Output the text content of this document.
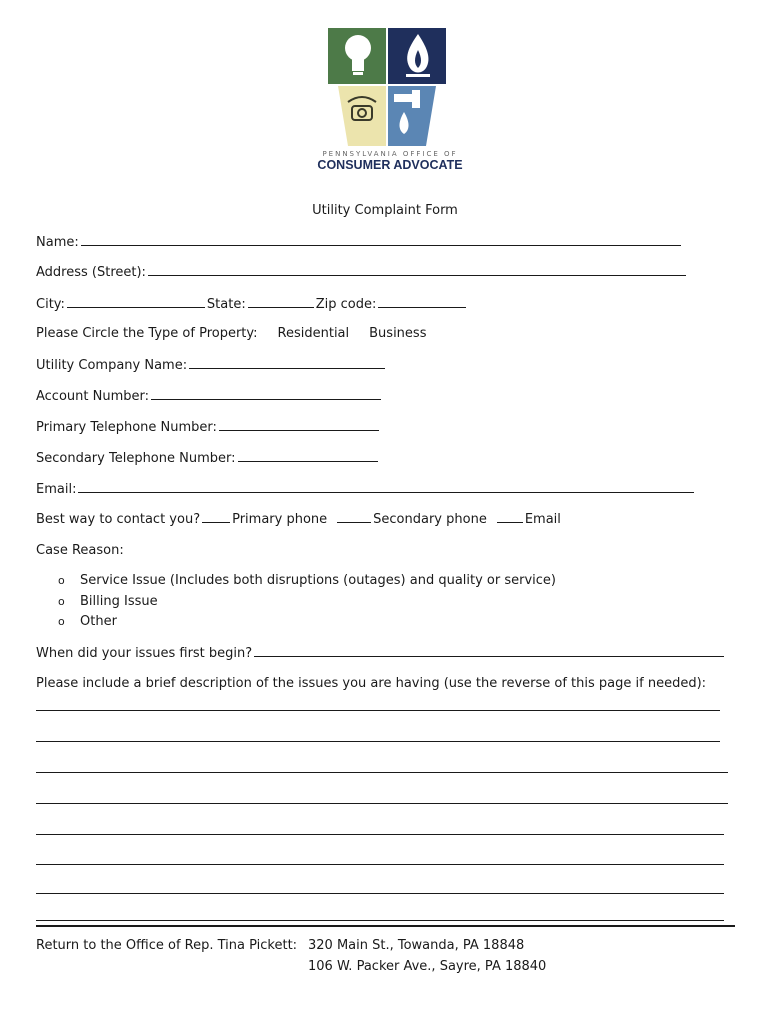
PENNSYLVANIA OFFICE OF
CONSUMER ADVOCATE
Utility Complaint Form
Name:
Address (Street):
City:	State:	Zip code:
Please Circle the Type of Property: Residential Business
Utility Company Name:
Account Number:
Primary Telephone Number:
Secondary Telephone Number:
Email:
Best way to contact you? Primary phone	Secondary phone	Email
Case Reason:
o Service Issue (Includes both disruptions (outages) and quality or service)
o Billing Issue
o Other
When did your issues first begin?
Please include a brief description of the issues you are having (use the reverse of this page if needed):
Return to the Office of Rep. Tina Pickett: 320 Main St., Towanda, PA 18848
106 W. Packer Ave., Sayre, PA 18840
